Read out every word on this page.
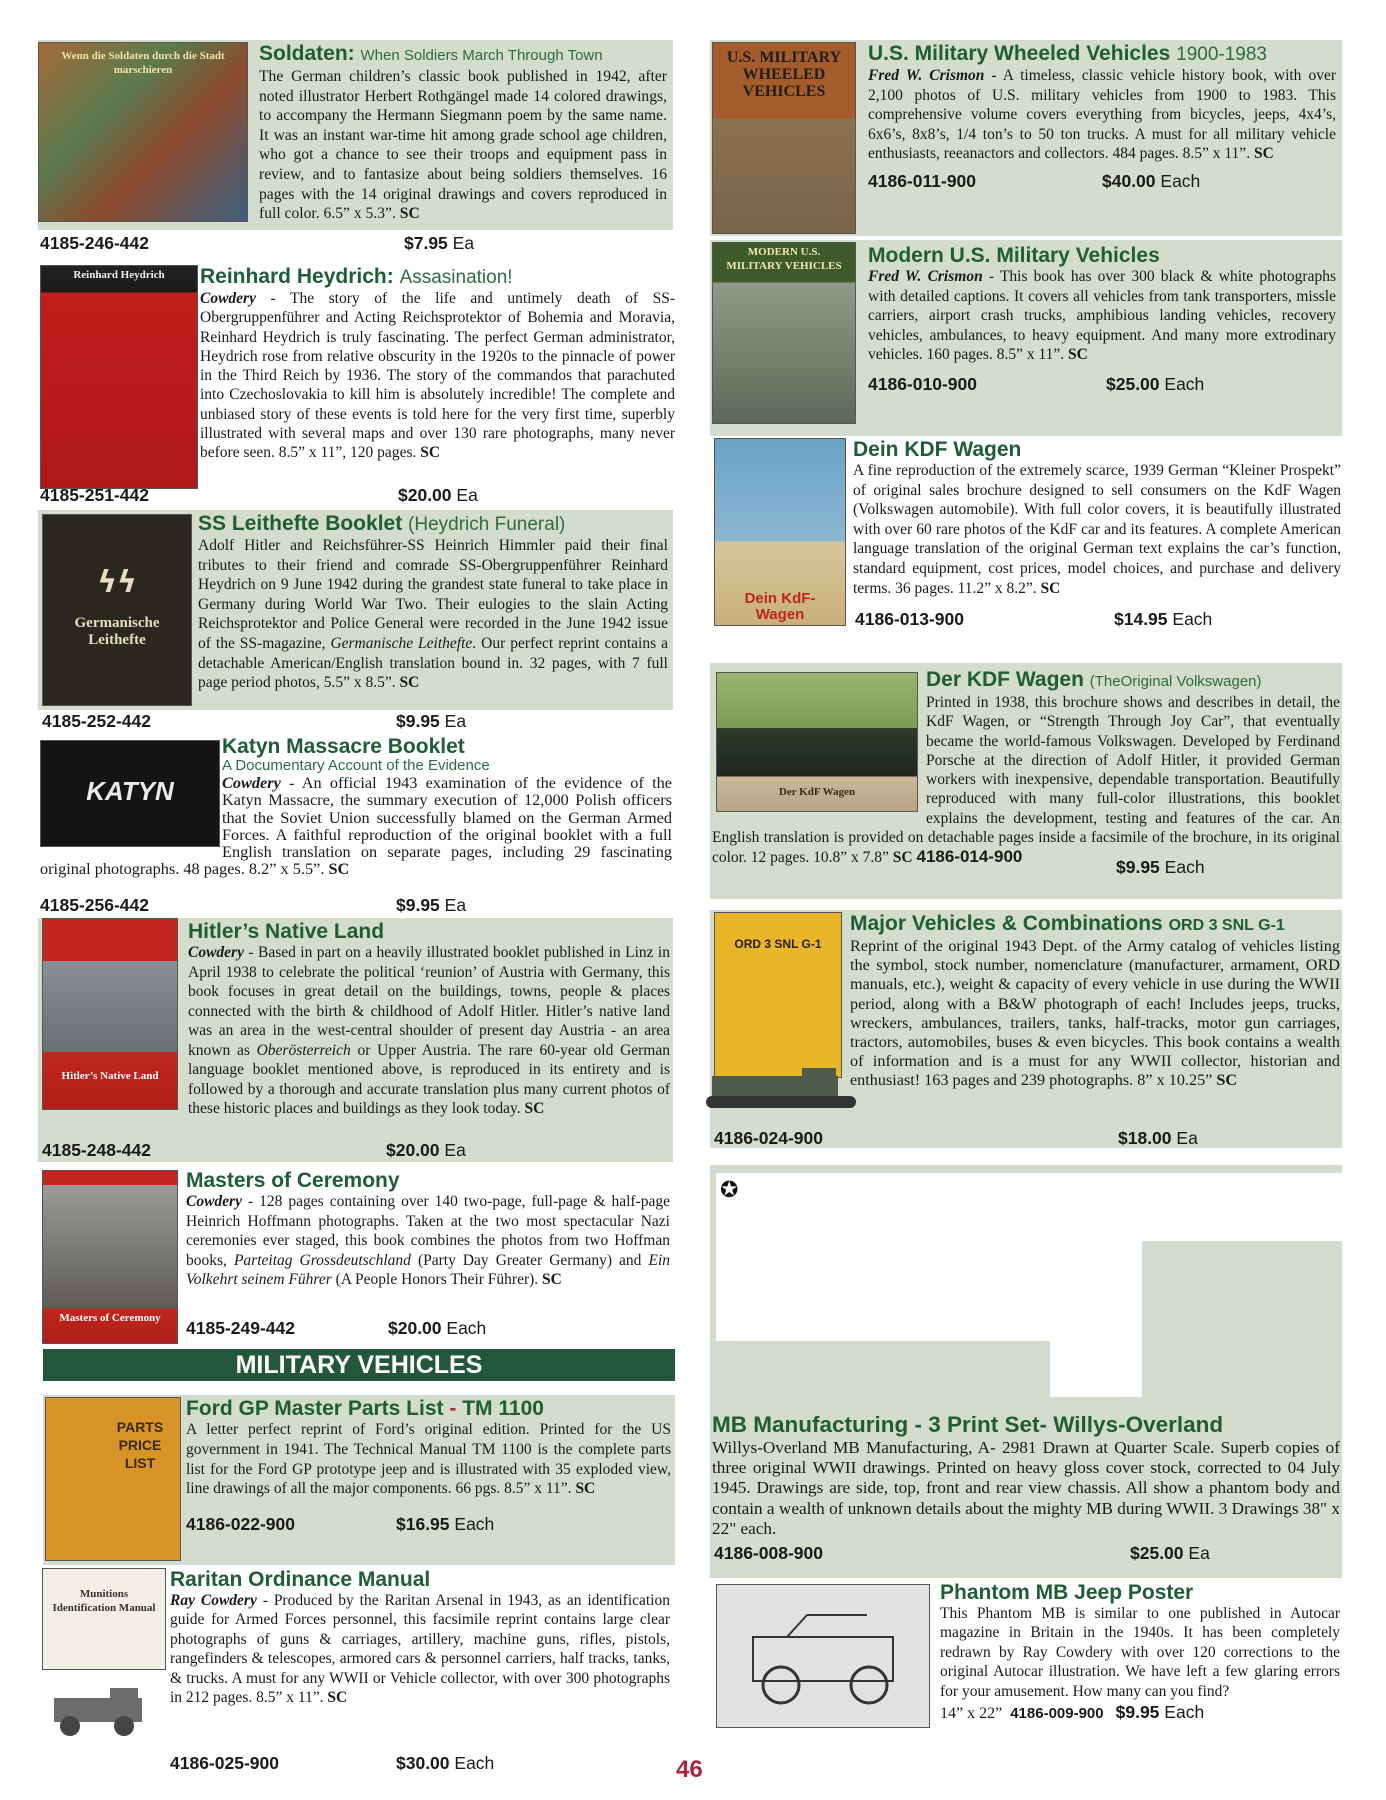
Wenn die Soldaten durch die Stadt marschieren
Soldaten: When Soldiers March Through Town
The German children’s classic book published in 1942, after noted illustrator Herbert Rothgängel made 14 colored drawings, to accompany the Hermann Siegmann poem by the same name. It was an instant war-time hit among grade school age children, who got a chance to see their troops and equipment pass in review, and to fantasize about being soldiers themselves. 16 pages with the 14 original drawings and covers reproduced in full color. 6.5” x 5.3”. SC
4185-246-442	$7.95 Ea
Reinhard Heydrich	Reinhard Heydrich: Assasination!
Cowdery - The story of the life and untimely death of SS-Obergruppenführer and Acting Reichsprotektor of Bohemia and Moravia, Reinhard Heydrich is truly fascinating. The perfect German administrator, Heydrich rose from relative obscurity in the 1920s to the pinnacle of power in the Third Reich by 1936. The story of the commandos that parachuted into Czechoslovakia to kill him is absolutely incredible! The complete and unbiased story of these events is told here for the very first time, superbly illustrated with several maps and over 130 rare photographs, many never before seen. 8.5” x 11”, 120 pages. SC
4185-251-442	$20.00 Ea
ϟϟ
Germanische Leithefte
SS Leithefte Booklet (Heydrich Funeral)
Adolf Hitler and Reichsführer-SS Heinrich Himmler paid their final tributes to their friend and comrade SS-Obergruppenführer Reinhard Heydrich on 9 June 1942 during the grandest state funeral to take place in Germany during World War Two. Their eulogies to the slain Acting Reichsprotektor and Police General were recorded in the June 1942 issue of the SS-magazine, Germanische Leithefte. Our perfect reprint contains a detachable American/English translation bound in. 32 pages, with 7 full page period photos, 5.5” x 8.5”. SC
4185-252-442	$9.95 Ea
KATYN
Katyn Massacre Booklet
A Documentary Account of the Evidence
Cowdery - An official 1943 examination of the evidence of the Katyn Massacre, the summary execution of 12,000 Polish officers that the Soviet Union successfully blamed on the German Armed Forces. A faithful reproduction of the original booklet with a full English translation on separate pages, including 29 fascinating original photographs. 48 pages. 8.2” x 5.5”. SC
4185-256-442	$9.95 Ea
Hitler’s Native Land
Hitler’s Native Land
Cowdery - Based in part on a heavily illustrated booklet published in Linz in April 1938 to celebrate the political ‘reunion’ of Austria with Germany, this book focuses in great detail on the buildings, towns, people & places connected with the birth & childhood of Adolf Hitler. Hitler’s native land was an area in the west-central shoulder of present day Austria - an area known as Oberösterreich or Upper Austria. The rare 60-year old German language booklet mentioned above, is reproduced in its entirety and is followed by a thorough and accurate translation plus many current photos of these historic places and buildings as they look today. SC
4185-248-442	$20.00 Ea
Masters of Ceremony
Masters of Ceremony
Cowdery - 128 pages containing over 140 two-page, full-page & half-page Heinrich Hoffmann photographs. Taken at the two most spectacular Nazi ceremonies ever staged, this book combines the photos from two Hoffman books, Parteitag Grossdeutschland (Party Day Greater Germany) and Ein Volkehrt seinem Führer (A People Honors Their Führer). SC
4185-249-442	$20.00 Each
MILITARY VEHICLES
PARTS PRICE LIST
Ford GP Master Parts List - TM 1100
A letter perfect reprint of Ford’s original edition. Printed for the US government in 1941. The Technical Manual TM 1100 is the complete parts list for the Ford GP prototype jeep and is illustrated with 35 exploded view, line drawings of all the major components. 66 pgs. 8.5” x 11”. SC
4186-022-900	$16.95 Each
Munitions Identification Manual
Raritan Ordinance Manual
Ray Cowdery - Produced by the Raritan Arsenal in 1943, as an identification guide for Armed Forces personnel, this facsimile reprint contains large clear photographs of guns & carriages, artillery, machine guns, rifles, pistols, rangefinders & telescopes, armored cars & personnel carriers, half tracks, tanks, & trucks. A must for any WWII or Vehicle collector, with over 300 photographs in 212 pages. 8.5” x 11”. SC
4186-025-900	$30.00 Each	46
U.S. MILITARY WHEELED VEHICLES
U.S. Military Wheeled Vehicles 1900-1983
Fred W. Crismon - A timeless, classic vehicle history book, with over 2,100 photos of U.S. military vehicles from 1900 to 1983. This comprehensive volume covers everything from bicycles, jeeps, 4x4’s, 6x6’s, 8x8’s, 1/4 ton’s to 50 ton trucks. A must for all military vehicle enthusiasts, reeanactors and collectors. 484 pages. 8.5” x 11”. SC
4186-011-900	$40.00 Each
MODERN U.S. MILITARY VEHICLES	Modern U.S. Military Vehicles
Fred W. Crismon - This book has over 300 black & white photographs with detailed captions. It covers all vehicles from tank transporters, missle carriers, airport crash trucks, amphibious landing vehicles, recovery vehicles, ambulances, to heavy equipment. And many more extrodinary vehicles. 160 pages. 8.5” x 11”. SC
4186-010-900	$25.00 Each
Dein KdF-Wagen
Dein KDF Wagen
A fine reproduction of the extremely scarce, 1939 German “Kleiner Prospekt” of original sales brochure designed to sell consumers on the KdF Wagen (Volkswagen automobile). With full color covers, it is beautifully illustrated with over 60 rare photos of the KdF car and its features. A complete American language translation of the original German text explains the car’s function, standard equipment, cost prices, model choices, and purchase and delivery terms. 36 pages. 11.2” x 8.2”. SC
4186-013-900	$14.95 Each
Der KdF Wagen
Der KDF Wagen (TheOriginal Volkswagen)
Printed in 1938, this brochure shows and describes in detail, the KdF Wagen, or “Strength Through Joy Car”, that eventually became the world-famous Volkswagen. Developed by Ferdinand Porsche at the direction of Adolf Hitler, it provided German workers with inexpensive, dependable transportation. Beautifully reproduced with many full-color illustrations, this booklet explains the development, testing and features of the car. An English translation is provided on detachable pages inside a facsimile of the brochure, in its original color. 12 pages. 10.8” x 7.8” SC 4186-014-900
$9.95 Each
ORD 3 SNL G-1
Major Vehicles & Combinations ORD 3 SNL G-1
Reprint of the original 1943 Dept. of the Army catalog of vehicles listing the symbol, stock number, nomenclature (manufacturer, armament, ORD manuals, etc.), weight & capacity of every vehicle in use during the WWII period, along with a B&W photograph of each! Includes jeeps, trucks, wreckers, ambulances, trailers, tanks, half-tracks, motor gun carriages, tractors, automobiles, buses & even bicycles. This book contains a wealth of information and is a must for any WWII collector, historian and enthusiast! 163 pages and 239 photographs. 8” x 10.25” SC
4186-024-900	$18.00 Ea
✪
MB Manufacturing - 3 Print Set- Willys-Overland
Willys-Overland MB Manufacturing, A- 2981 Drawn at Quarter Scale. Superb copies of three original WWII drawings. Printed on heavy gloss cover stock, corrected to 04 July 1945. Drawings are side, top, front and rear view chassis. All show a phantom body and contain a wealth of unknown details about the mighty MB during WWII. 3 Drawings 38" x 22" each.
4186-008-900	$25.00 Ea
Phantom MB Jeep Poster
This Phantom MB is similar to one published in Autocar magazine in Britain in the 1940s. It has been completely redrawn by Ray Cowdery with over 120 corrections to the original Autocar illustration. We have left a few glaring errors for your amusement. How many can you find?
14” x 22” 4186-009-900 $9.95 Each
